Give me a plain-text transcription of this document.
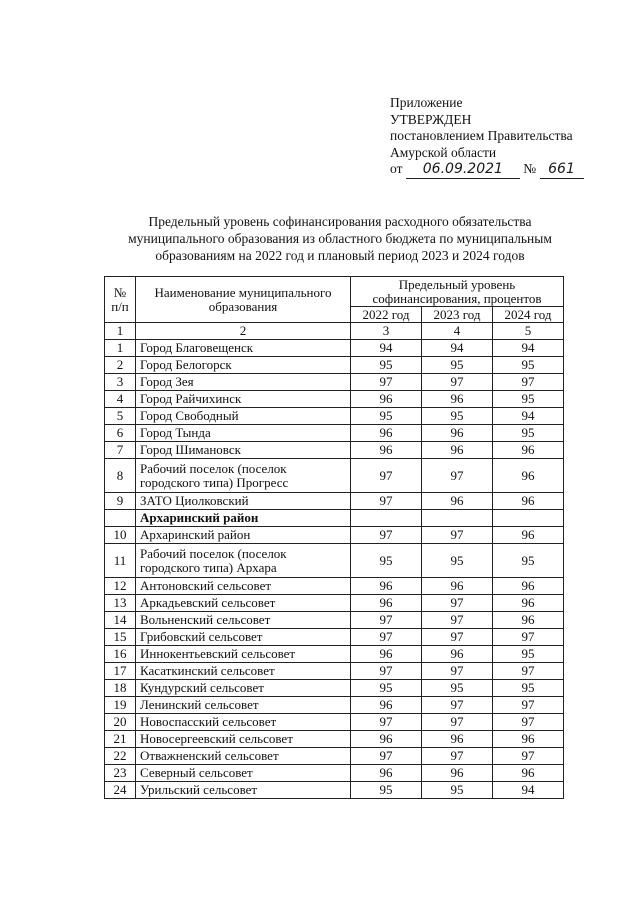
Приложение
УТВЕРЖДЕН
постановлением Правительства
Амурской области
от 06.09.2021 № 661
Предельный уровень софинансирования расходного обязательства
муниципального образования из областного бюджета по муниципальным
образованиям на 2022 год и плановый период 2023 и 2024 годов
№ п/п	Наименование муниципального образования	Предельный уровень софинансирования, процентов		
		2022 год	2023 год	2024 год
1	2	3	4	5
1	Город Благовещенск	94	94	94
2	Город Белогорск	95	95	95
3	Город Зея	97	97	97
4	Город Райчихинск	96	96	95
5	Город Свободный	95	95	94
6	Город Тында	96	96	95
7	Город Шимановск	96	96	96
8	Рабочий поселок (поселок городского типа) Прогресс	97	97	96
9	ЗАТО Циолковский	97	96	96
	Архаринский район			
10	Архаринский район	97	97	96
11	Рабочий поселок (поселок городского типа) Архара	95	95	95
12	Антоновский сельсовет	96	96	96
13	Аркадьевский сельсовет	96	97	96
14	Вольненский сельсовет	97	97	96
15	Грибовский сельсовет	97	97	97
16	Иннокентьевский сельсовет	96	96	95
17	Касаткинский сельсовет	97	97	97
18	Кундурский сельсовет	95	95	95
19	Ленинский сельсовет	96	97	97
20	Новоспасский сельсовет	97	97	97
21	Новосергеевский сельсовет	96	96	96
22	Отважненский сельсовет	97	97	97
23	Северный сельсовет	96	96	96
24	Урильский сельсовет	95	95	94
